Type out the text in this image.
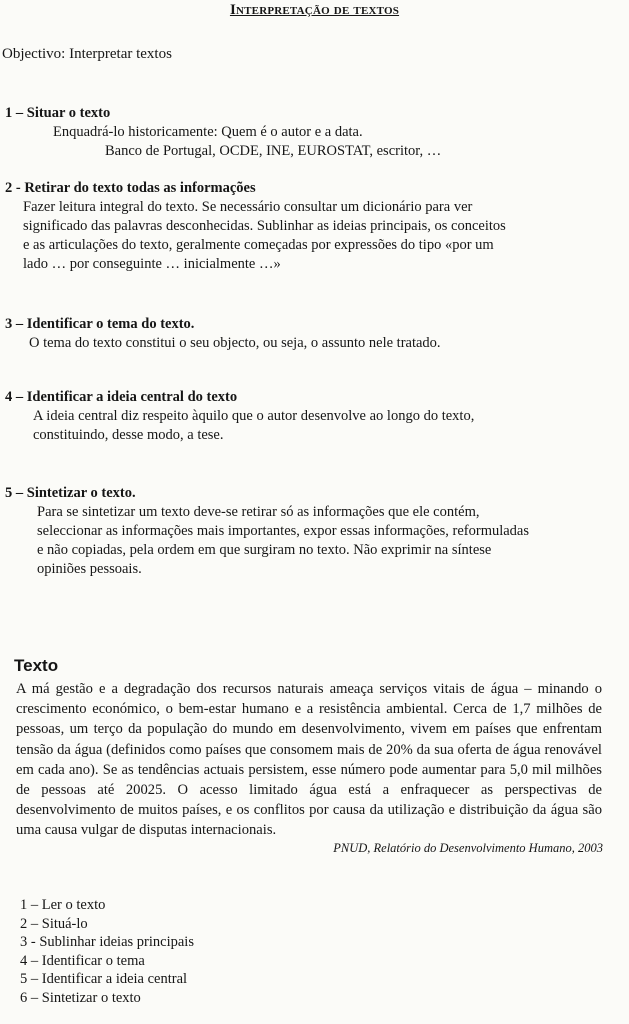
Interpretação de textos
Objectivo: Interpretar textos
1 – Situar o texto
Enquadrá-lo historicamente: Quem é o autor e a data.
Banco de Portugal, OCDE, INE, EUROSTAT, escritor, …
2 - Retirar do texto todas as informações
Fazer leitura integral do texto. Se necessário consultar um dicionário para ver
significado das palavras desconhecidas. Sublinhar as ideias principais, os conceitos
e as articulações do texto, geralmente começadas por expressões do tipo «por um
lado … por conseguinte … inicialmente …»
3 – Identificar o tema do texto.
O tema do texto constitui o seu objecto, ou seja, o assunto nele tratado.
4 – Identificar a ideia central do texto
A ideia central diz respeito àquilo que o autor desenvolve ao longo do texto,
constituindo, desse modo, a tese.
5 – Sintetizar o texto.
Para se sintetizar um texto deve-se retirar só as informações que ele contém,
seleccionar as informações mais importantes, expor essas informações, reformuladas
e não copiadas, pela ordem em que surgiram no texto. Não exprimir na síntese
opiniões pessoais.
Texto
A má gestão e a degradação dos recursos naturais ameaça serviços vitais de água – minando o crescimento económico, o bem-estar humano e a resistência ambiental. Cerca de 1,7 milhões de pessoas, um terço da população do mundo em desenvolvimento, vivem em países que enfrentam tensão da água (definidos como países que consomem mais de 20% da sua oferta de água renovável em cada ano). Se as tendências actuais persistem, esse número pode aumentar para 5,0 mil milhões de pessoas até 20025. O acesso limitado água está a enfraquecer as perspectivas de desenvolvimento de muitos países, e os conflitos por causa da utilização e distribuição da água são uma causa vulgar de disputas internacionais.
PNUD, Relatório do Desenvolvimento Humano, 2003
1 – Ler o texto
2 – Situá-lo
3 - Sublinhar ideias principais
4 – Identificar o tema
5 – Identificar a ideia central
6 – Sintetizar o texto
